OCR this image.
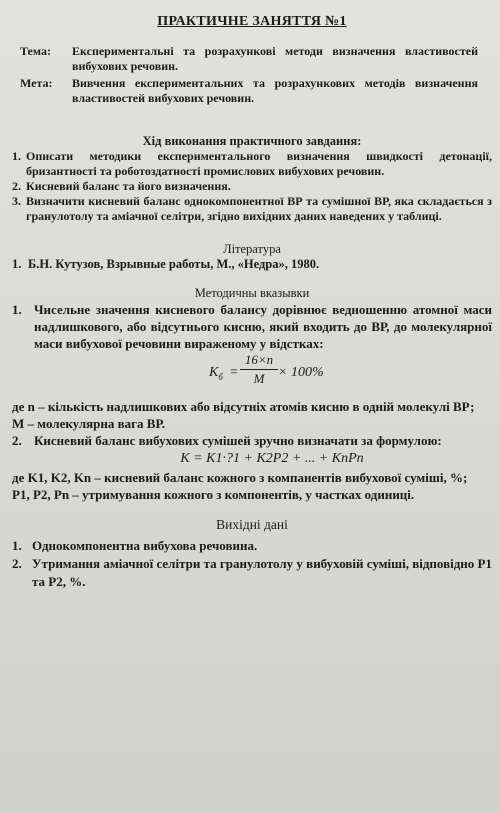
ПРАКТИЧНЕ ЗАНЯТТЯ №1
Тема:	Експериментальні та розрахункові методи визначення властивостей вибухових речовин.
Мета:	Вивчення експериментальних та розрахункових методів визначення властивостей вибухових речовин.
Хід виконання практичного завдання:
1. Описати методики експериментального визначення швидкості детонації, бризантності та роботоздатності промислових вибухових речовин.
2. Кисневий баланс та його визначення.
3. Визначити кисневий баланс однокомпонентної ВР та сумішної ВР, яка складається з гранулотолу та аміачної селітри, згідно вихідних даних наведених у таблиці.
Література
1. Б.Н. Кутузов, Взрывные работы, М., «Недра», 1980.
Методичны вказывки
1. Чисельне значення кисневого балансу дорівнює ведношенню атомної маси надлишкового, або відсутнього кисню, який входить до ВР, до молекулярної маси вибухової речовини вираженому у відстках:
$K_б$ =
16×n
M × 100%
де n – кількість надлишкових або відсутніх атомів кисню в одній молекулі ВР;
M – молекулярна вага ВР.
2. Кисневий баланс вибухових сумішей зручно визначати за формулою:
K = K1·?1 + K2P2 + ... + KnPn
де K1, K2, Kn – кисневий баланс кожного з компанентів вибухової суміші, %;
P1, P2, Pn – утримування кожного з компонентів, у частках одиниці.
Вихідні дані
1. Однокомпонентна вибухова речовина.
2. Утримання аміачної селітри та гранулотолу у вибуховій суміші, відповідно P1 та P2, %.
